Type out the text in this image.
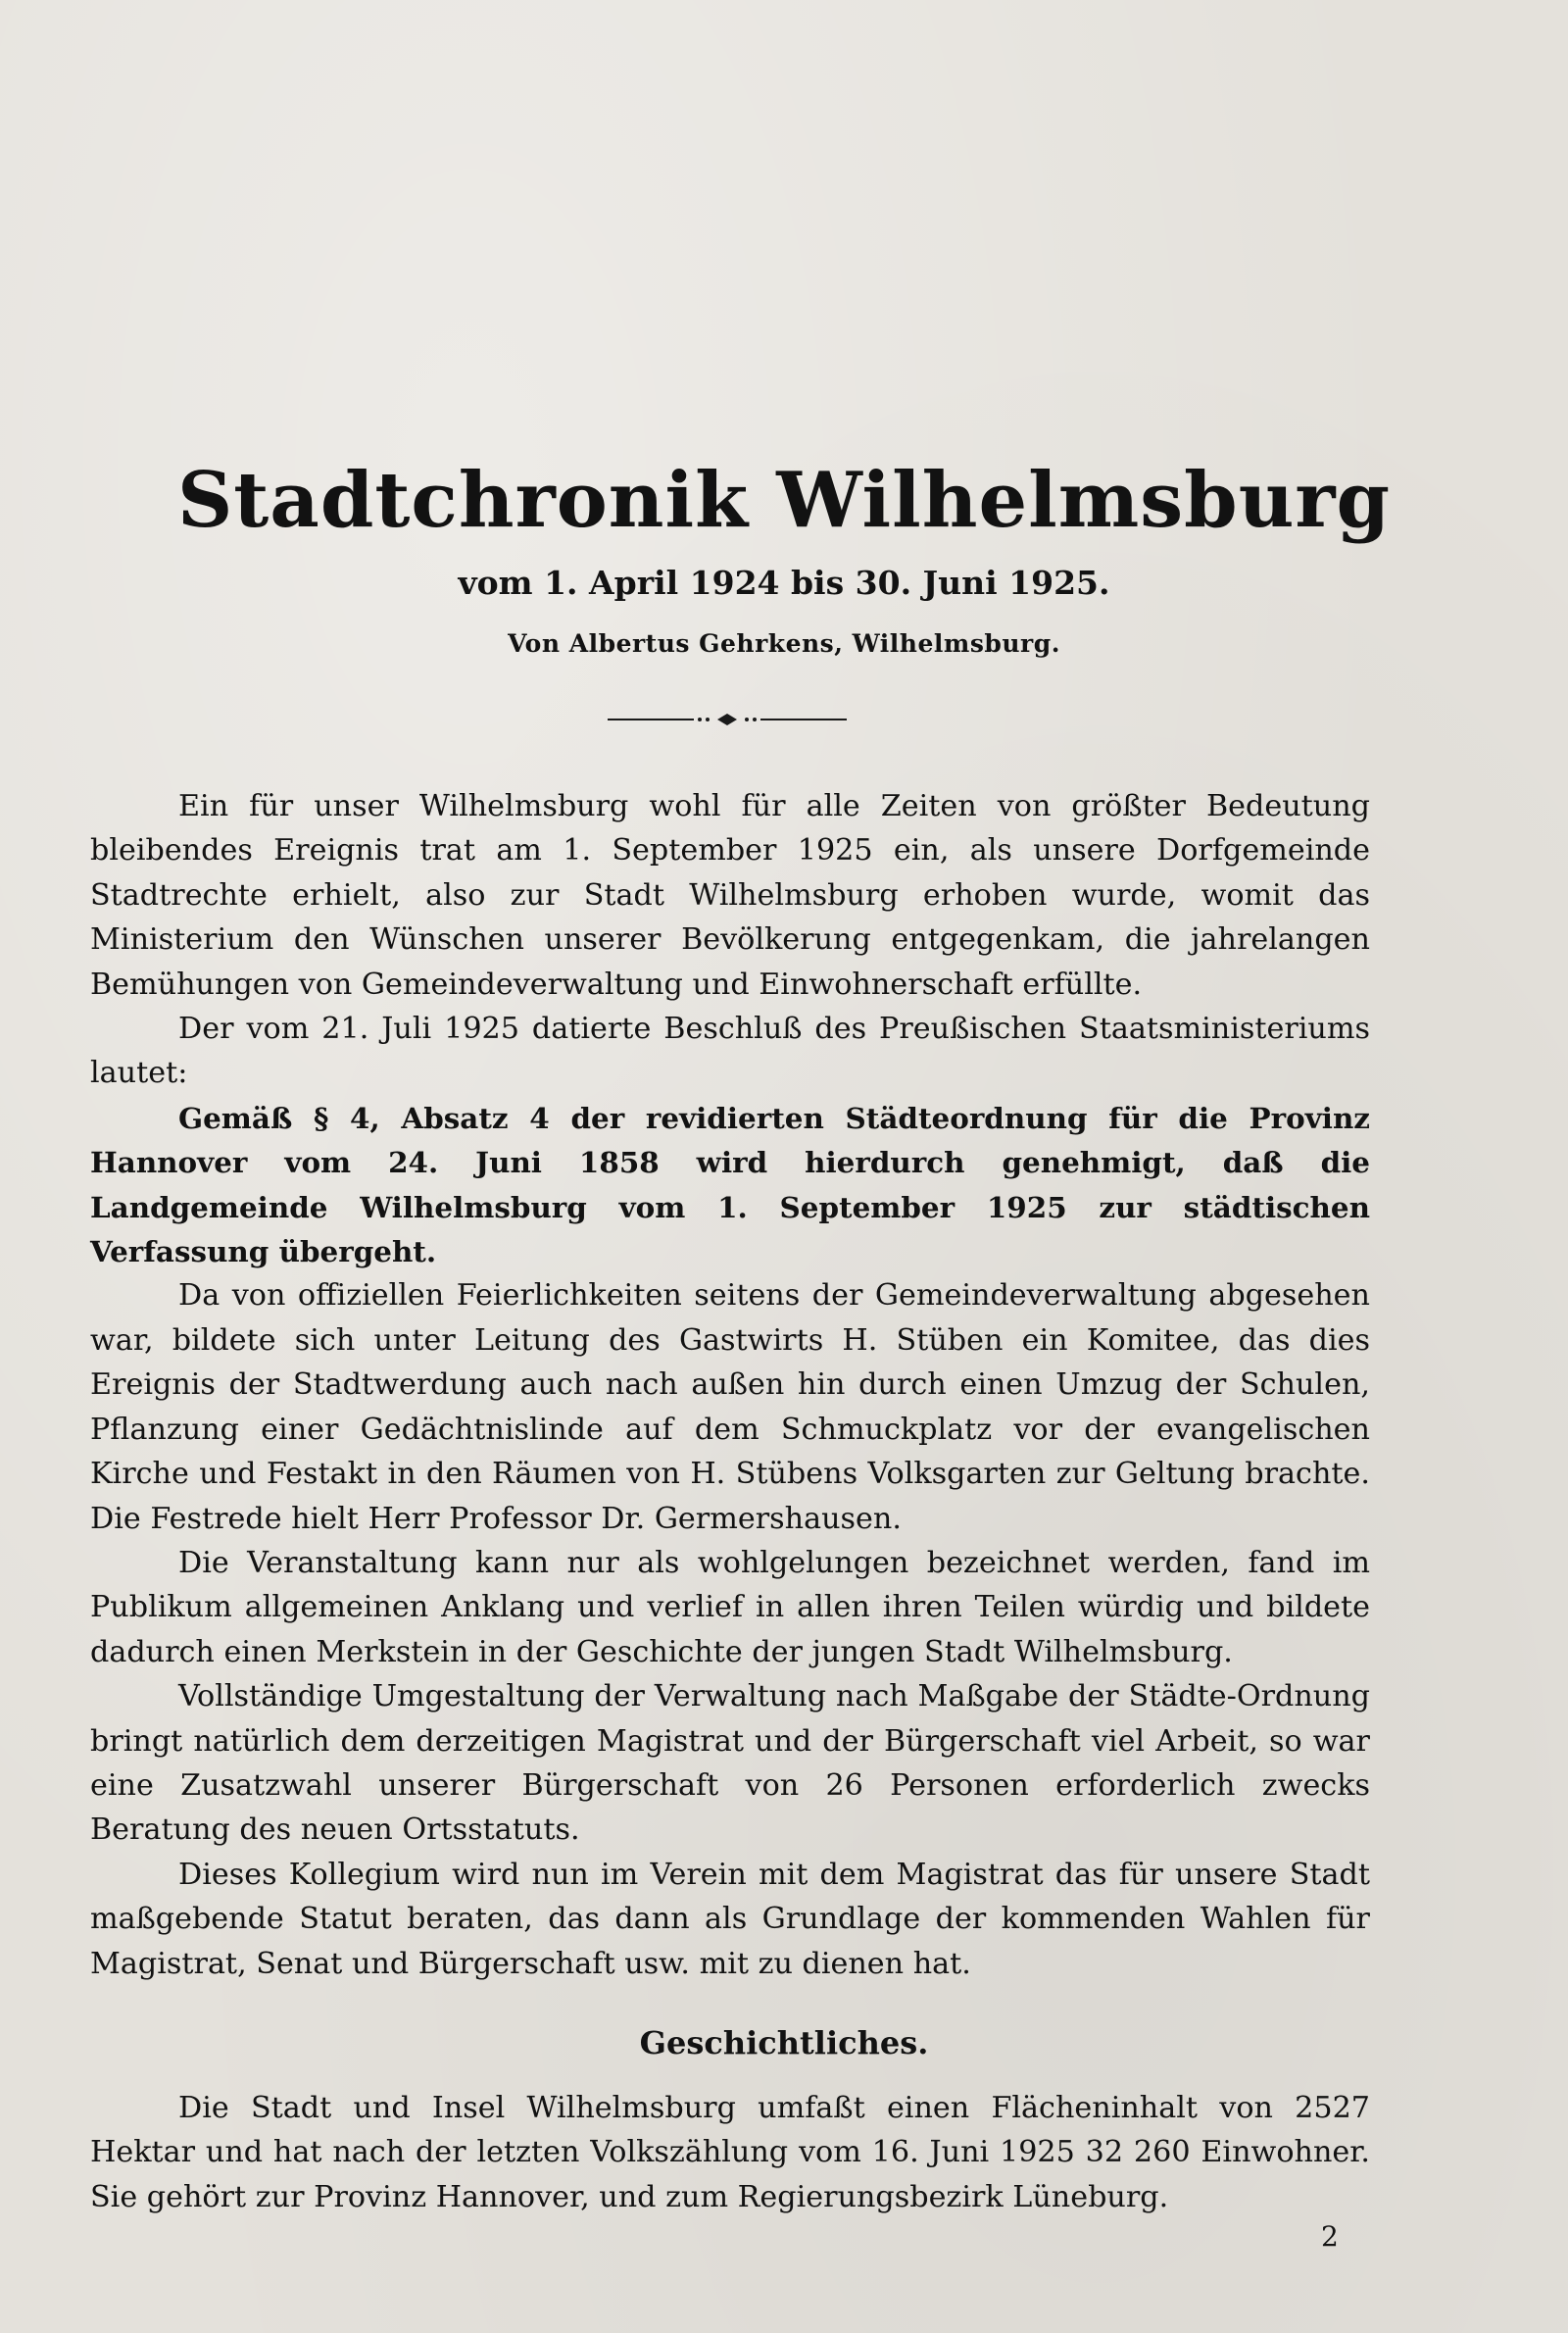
Stadtchronik Wilhelmsburg
vom 1. April 1924 bis 30. Juni 1925.
Von Albertus Gehrkens, Wilhelmsburg.

Ein für unser Wilhelmsburg wohl für alle Zeiten von größter Bedeutung bleibendes Ereignis trat am 1. September 1925 ein, als unsere Dorfgemeinde Stadtrechte erhielt, also zur Stadt Wilhelmsburg erhoben wurde, womit das Ministerium den Wünschen unserer Bevölkerung entgegenkam, die jahrelangen Bemühungen von Gemeindeverwaltung und Einwohnerschaft erfüllte.

Der vom 21. Juli 1925 datierte Beschluß des Preußischen Staatsministeriums lautet:

Gemäß § 4, Absatz 4 der revidierten Städteordnung für die Provinz Hannover vom 24. Juni 1858 wird hierdurch genehmigt, daß die Landgemeinde Wilhelmsburg vom 1. September 1925 zur städtischen Verfassung übergeht.

Da von offiziellen Feierlichkeiten seitens der Gemeindeverwaltung abgesehen war, bildete sich unter Leitung des Gastwirts H. Stüben ein Komitee, das dies Ereignis der Stadtwerdung auch nach außen hin durch einen Umzug der Schulen, Pflanzung einer Gedächtnislinde auf dem Schmuckplatz vor der evangelischen Kirche und Festakt in den Räumen von H. Stübens Volksgarten zur Geltung brachte. Die Festrede hielt Herr Professor Dr. Germershausen.

Die Veranstaltung kann nur als wohlgelungen bezeichnet werden, fand im Publikum allgemeinen Anklang und verlief in allen ihren Teilen würdig und bildete dadurch einen Merkstein in der Geschichte der jungen Stadt Wilhelmsburg.

Vollständige Umgestaltung der Verwaltung nach Maßgabe der Städte-Ordnung bringt natürlich dem derzeitigen Magistrat und der Bürgerschaft viel Arbeit, so war eine Zusatzwahl unserer Bürgerschaft von 26 Personen erforderlich zwecks Beratung des neuen Ortsstatuts.

Dieses Kollegium wird nun im Verein mit dem Magistrat das für unsere Stadt maßgebende Statut beraten, das dann als Grundlage der kommenden Wahlen für Magistrat, Senat und Bürgerschaft usw. mit zu dienen hat.

Geschichtliches.

Die Stadt und Insel Wilhelmsburg umfaßt einen Flächeninhalt von 2527 Hektar und hat nach der letzten Volkszählung vom 16. Juni 1925 32 260 Einwohner. Sie gehört zur Provinz Hannover, und zum Regierungsbezirk Lüneburg.

2
